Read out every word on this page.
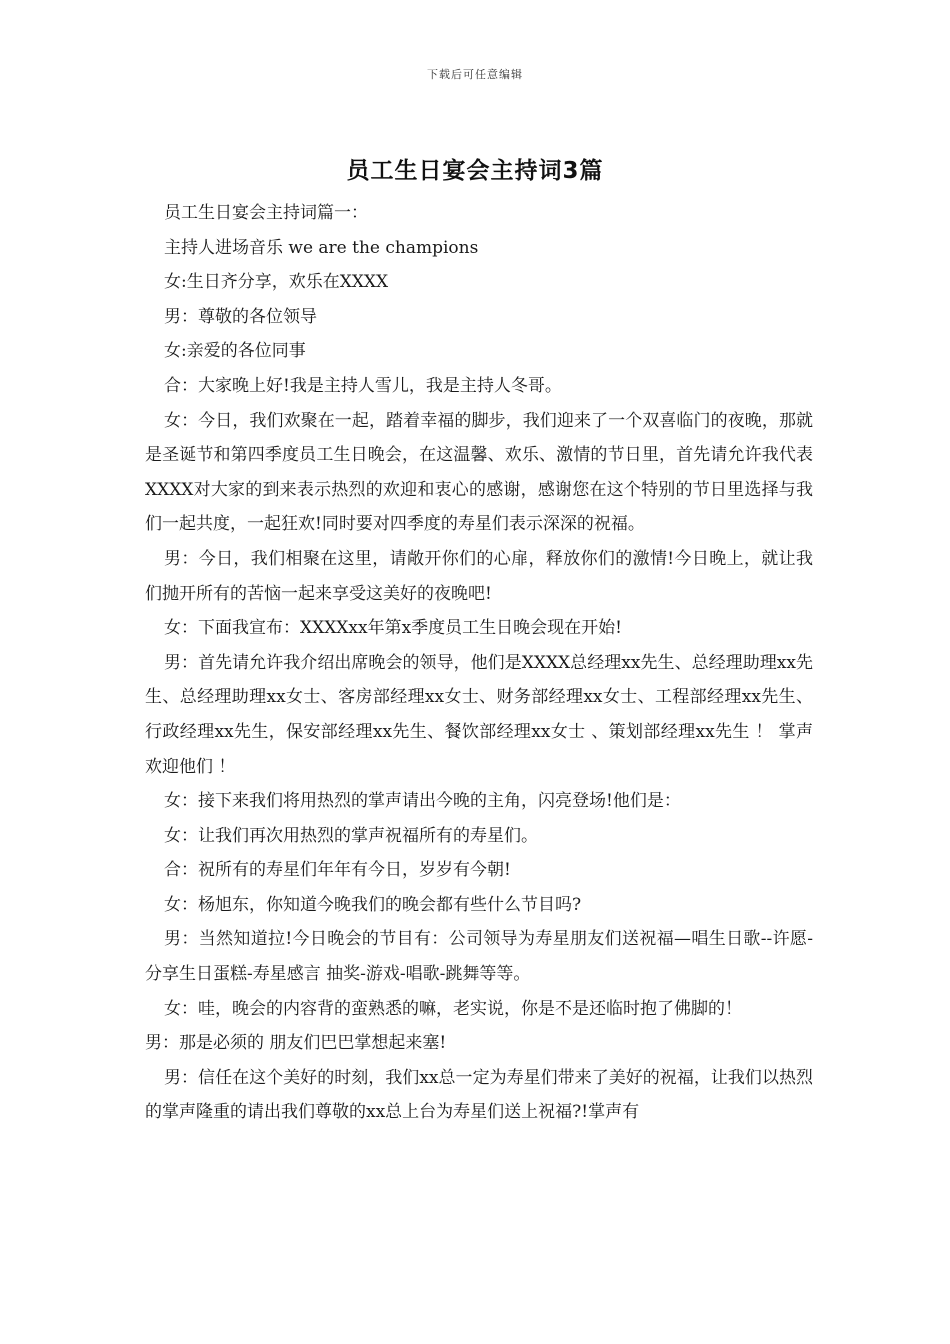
下载后可任意编辑
员工生日宴会主持词3篇

员工生日宴会主持词篇一：

主持人进场音乐 we are the champions

女:生日齐分享，欢乐在XXXX

男：尊敬的各位领导

女:亲爱的各位同事

合：大家晚上好!我是主持人雪儿，我是主持人冬哥。

女：今日，我们欢聚在一起，踏着幸福的脚步，我们迎来了一个双喜临门的夜晚，那就是圣诞节和第四季度员工生日晚会，在这温馨、欢乐、激情的节日里，首先请允许我代表XXXX对大家的到来表示热烈的欢迎和衷心的感谢，感谢您在这个特别的节日里选择与我们一起共度，一起狂欢!同时要对四季度的寿星们表示深深的祝福。

男：今日，我们相聚在这里，请敞开你们的心扉，释放你们的激情!今日晚上，就让我们抛开所有的苦恼一起来享受这美好的夜晚吧!

女：下面我宣布：XXXXxx年第x季度员工生日晚会现在开始!

男：首先请允许我介绍出席晚会的领导，他们是XXXX总经理xx先生、总经理助理xx先生、总经理助理xx女士、客房部经理xx女士、财务部经理xx女士、工程部经理xx先生、行政经理xx先生，保安部经理xx先生、餐饮部经理xx女士 、策划部经理xx先生 ！ 掌声欢迎他们 ！

女：接下来我们将用热烈的掌声请出今晚的主角，闪亮登场!他们是：

女：让我们再次用热烈的掌声祝福所有的寿星们。

合：祝所有的寿星们年年有今日，岁岁有今朝!

女：杨旭东，你知道今晚我们的晚会都有些什么节目吗?

男：当然知道拉!今日晚会的节目有：公司领导为寿星朋友们送祝福—唱生日歌--许愿-分享生日蛋糕-寿星感言 抽奖-游戏-唱歌-跳舞等等。

女：哇，晚会的内容背的蛮熟悉的嘛，老实说，你是不是还临时抱了佛脚的！

男：那是必须的 朋友们巴巴掌想起来塞!

男：信任在这个美好的时刻，我们xx总一定为寿星们带来了美好的祝福，让我们以热烈的掌声隆重的请出我们尊敬的xx总上台为寿星们送上祝福?!掌声有
